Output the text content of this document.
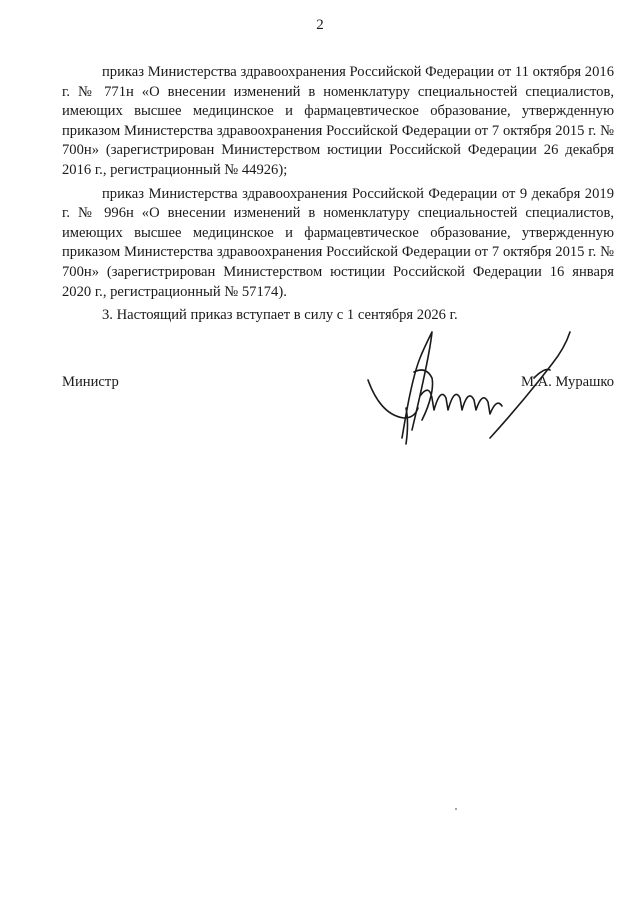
2

приказ Министерства здравоохранения Российской Федерации от 11 октября 2016 г. № 771н «О внесении изменений в номенклатуру специальностей специалистов, имеющих высшее медицинское и фармацевтическое образование, утвержденную приказом Министерства здравоохранения Российской Федерации от 7 октября 2015 г. № 700н» (зарегистрирован Министерством юстиции Российской Федерации 26 декабря 2016 г., регистрационный № 44926);

приказ Министерства здравоохранения Российской Федерации от 9 декабря 2019 г. № 996н «О внесении изменений в номенклатуру специальностей специалистов, имеющих высшее медицинское и фармацевтическое образование, утвержденную приказом Министерства здравоохранения Российской Федерации от 7 октября 2015 г. № 700н» (зарегистрирован Министерством юстиции Российской Федерации 16 января 2020 г., регистрационный № 57174).

3. Настоящий приказ вступает в силу с 1 сентября 2026 г.

Министр	М.А. Мурашко
